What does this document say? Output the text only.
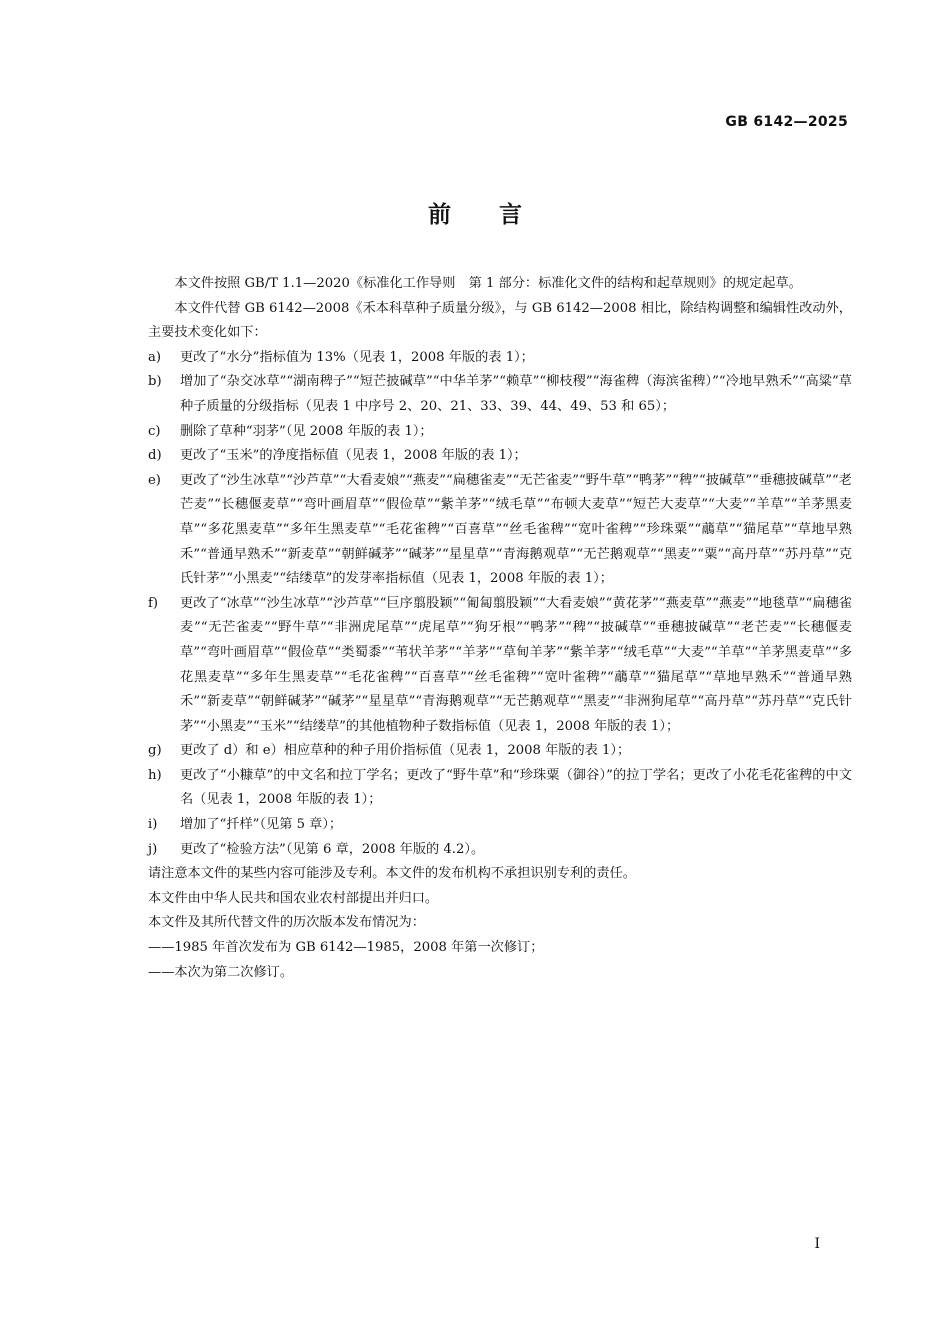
GB 6142—2025
前 言

本文件按照 GB/T 1.1—2020《标准化工作导则　第 1 部分：标准化文件的结构和起草规则》的规定起草。

本文件代替 GB 6142—2008《禾本科草种子质量分级》，与 GB 6142—2008 相比，除结构调整和编辑性改动外，主要技术变化如下：

a) 更改了“水分”指标值为 13%（见表 1，2008 年版的表 1）；
b) 增加了“杂交冰草”“湖南稗子”“短芒披碱草”“中华羊茅”“赖草”“柳枝稷”“海雀稗（海滨雀稗）”“冷地早熟禾”“高粱”草种子质量的分级指标（见表 1 中序号 2、20、21、33、39、44、49、53 和 65）；
c) 删除了草种“羽茅”（见 2008 年版的表 1）；
d) 更改了“玉米”的净度指标值（见表 1，2008 年版的表 1）；
e) 更改了“沙生冰草”“沙芦草”“大看麦娘”“燕麦”“扁穗雀麦”“无芒雀麦”“野牛草”“鸭茅”“稗”“披碱草”“垂穗披碱草”“老芒麦”“长穗偃麦草”“弯叶画眉草”“假俭草”“紫羊茅”“绒毛草”“布顿大麦草”“短芒大麦草”“大麦”“羊草”“羊茅黑麦草”“多花黑麦草”“多年生黑麦草”“毛花雀稗”“百喜草”“丝毛雀稗”“宽叶雀稗”“珍珠粟”“虉草”“猫尾草”“草地早熟禾”“普通早熟禾”“新麦草”“朝鲜碱茅”“碱茅”“星星草”“青海鹅观草”“无芒鹅观草”“黑麦”“粟”“高丹草”“苏丹草”“克氏针茅”“小黑麦”“结缕草”的发芽率指标值（见表 1，2008 年版的表 1）；
f) 更改了“冰草”“沙生冰草”“沙芦草”“巨序翦股颖”“匍匐翦股颖”“大看麦娘”“黄花茅”“燕麦草”“燕麦”“地毯草”“扁穗雀麦”“无芒雀麦”“野牛草”“非洲虎尾草”“虎尾草”“狗牙根”“鸭茅”“稗”“披碱草”“垂穗披碱草”“老芒麦”“长穗偃麦草”“弯叶画眉草”“假俭草”“类蜀黍”“苇状羊茅”“羊茅”“草甸羊茅”“紫羊茅”“绒毛草”“大麦”“羊草”“羊茅黑麦草”“多花黑麦草”“多年生黑麦草”“毛花雀稗”“百喜草”“丝毛雀稗”“宽叶雀稗”“虉草”“猫尾草”“草地早熟禾”“普通早熟禾”“新麦草”“朝鲜碱茅”“碱茅”“星星草”“青海鹅观草”“无芒鹅观草”“黑麦”“非洲狗尾草”“高丹草”“苏丹草”“克氏针茅”“小黑麦”“玉米”“结缕草”的其他植物种子数指标值（见表 1，2008 年版的表 1）；
g) 更改了 d）和 e）相应草种的种子用价指标值（见表 1，2008 年版的表 1）；
h) 更改了“小糠草”的中文名和拉丁学名；更改了“野牛草”和“珍珠粟（御谷）”的拉丁学名；更改了小花毛花雀稗的中文名（见表 1，2008 年版的表 1）；
i) 增加了“扦样”（见第 5 章）；
j) 更改了“检验方法”（见第 6 章，2008 年版的 4.2）。

请注意本文件的某些内容可能涉及专利。本文件的发布机构不承担识别专利的责任。

本文件由中华人民共和国农业农村部提出并归口。

本文件及其所代替文件的历次版本发布情况为：

——1985 年首次发布为 GB 6142—1985，2008 年第一次修订；

——本次为第二次修订。

I
